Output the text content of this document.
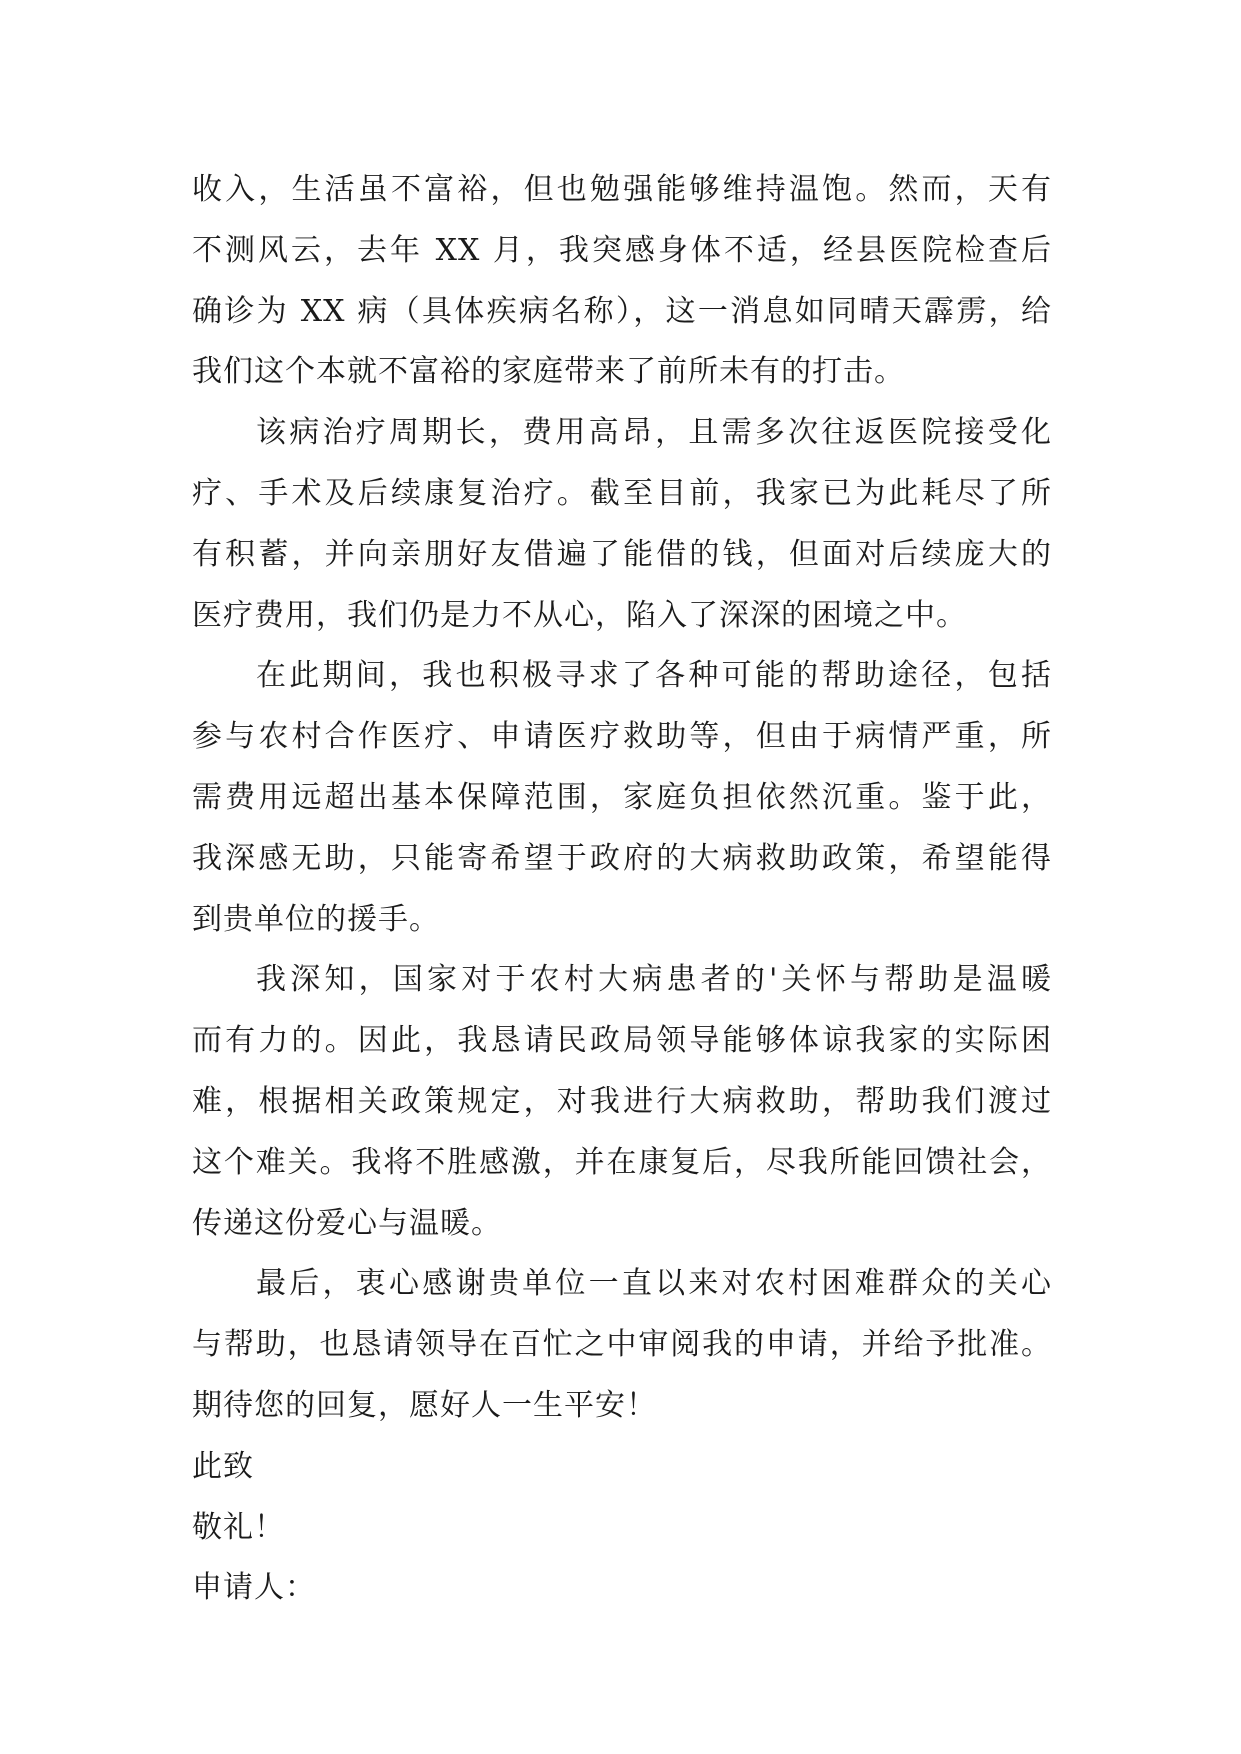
收入，生活虽不富裕，但也勉强能够维持温饱。然而，天有
不测风云，去年 XX 月，我突感身体不适，经县医院检查后
确诊为 XX 病（具体疾病名称），这一消息如同晴天霹雳，给
我们这个本就不富裕的家庭带来了前所未有的打击。
该病治疗周期长，费用高昂，且需多次往返医院接受化
疗、手术及后续康复治疗。截至目前，我家已为此耗尽了所
有积蓄，并向亲朋好友借遍了能借的钱，但面对后续庞大的
医疗费用，我们仍是力不从心，陷入了深深的困境之中。
在此期间，我也积极寻求了各种可能的帮助途径，包括
参与农村合作医疗、申请医疗救助等，但由于病情严重，所
需费用远超出基本保障范围，家庭负担依然沉重。鉴于此，
我深感无助，只能寄希望于政府的大病救助政策，希望能得
到贵单位的援手。
我深知，国家对于农村大病患者的'关怀与帮助是温暖
而有力的。因此，我恳请民政局领导能够体谅我家的实际困
难，根据相关政策规定，对我进行大病救助，帮助我们渡过
这个难关。我将不胜感激，并在康复后，尽我所能回馈社会，
传递这份爱心与温暖。
最后，衷心感谢贵单位一直以来对农村困难群众的关心
与帮助，也恳请领导在百忙之中审阅我的申请，并给予批准。
期待您的回复，愿好人一生平安！
此致
敬礼！
申请人：
